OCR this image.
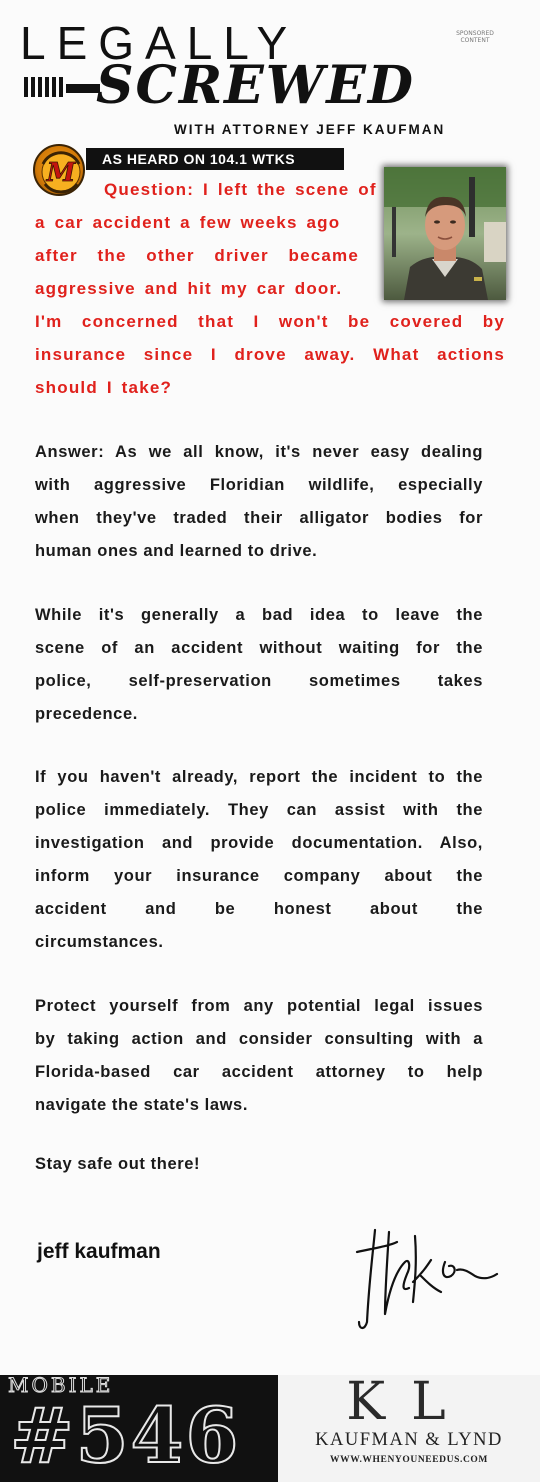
SPONSORED CONTENT
LEGALLY
SCREWED
WITH ATTORNEY JEFF KAUFMAN
M	AS HEARD ON 104.1 WTKS
Question: I left the scene of
a car accident a few weeks ago
after the other driver became
aggressive and hit my car door.
I'm concerned that I won't be covered by
insurance since I drove away. What actions
should I take?
Answer: As we all know, it's never easy dealing
with aggressive Floridian wildlife, especially
when they've traded their alligator bodies for
human ones and learned to drive.
While it's generally a bad idea to leave the
scene of an accident without waiting for the
police, self-preservation sometimes takes
precedence.
If you haven't already, report the incident to the
police immediately. They can assist with the
investigation and provide documentation. Also,
inform your insurance company about the
accident and be honest about the
circumstances.
Protect yourself from any potential legal issues
by taking action and consider consulting with a
Florida-based car accident attorney to help
navigate the state's laws.
Stay safe out there!
jeff kaufman
MOBILE
#546	KL
KAUFMAN & LYND
WWW.WHENYOUNEEDUS.COM
